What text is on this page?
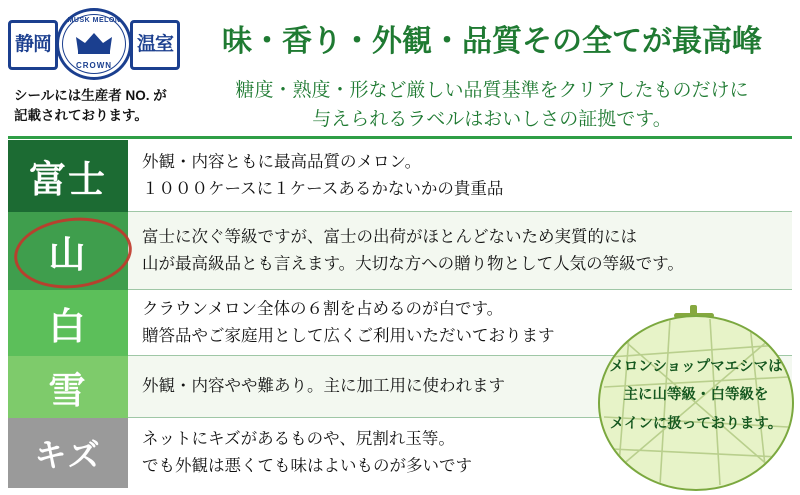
静岡	温室
MUSK MELON
CROWN
シールには生産者 NO. が
記載されております。
味・香り・外観・品質その全てが最高峰
糖度・熟度・形など厳しい品質基準をクリアしたものだけに
与えられるラベルはおいしさの証拠です。
富士	外観・内容ともに最高品質のメロン。
１０００ケースに１ケースあるかないかの貴重品
山	富士に次ぐ等級ですが、富士の出荷がほとんどないため実質的には
山が最高級品とも言えます。大切な方への贈り物として人気の等級です。
白	クラウンメロン全体の６割を占めるのが白です。
贈答品やご家庭用として広くご利用いただいております
雪	外観・内容やや難あり。主に加工用に使われます
キズ	ネットにキズがあるものや、尻割れ玉等。
でも外観は悪くても味はよいものが多いです
メロンショップマエシマは
主に山等級・白等級を
メインに扱っております。
